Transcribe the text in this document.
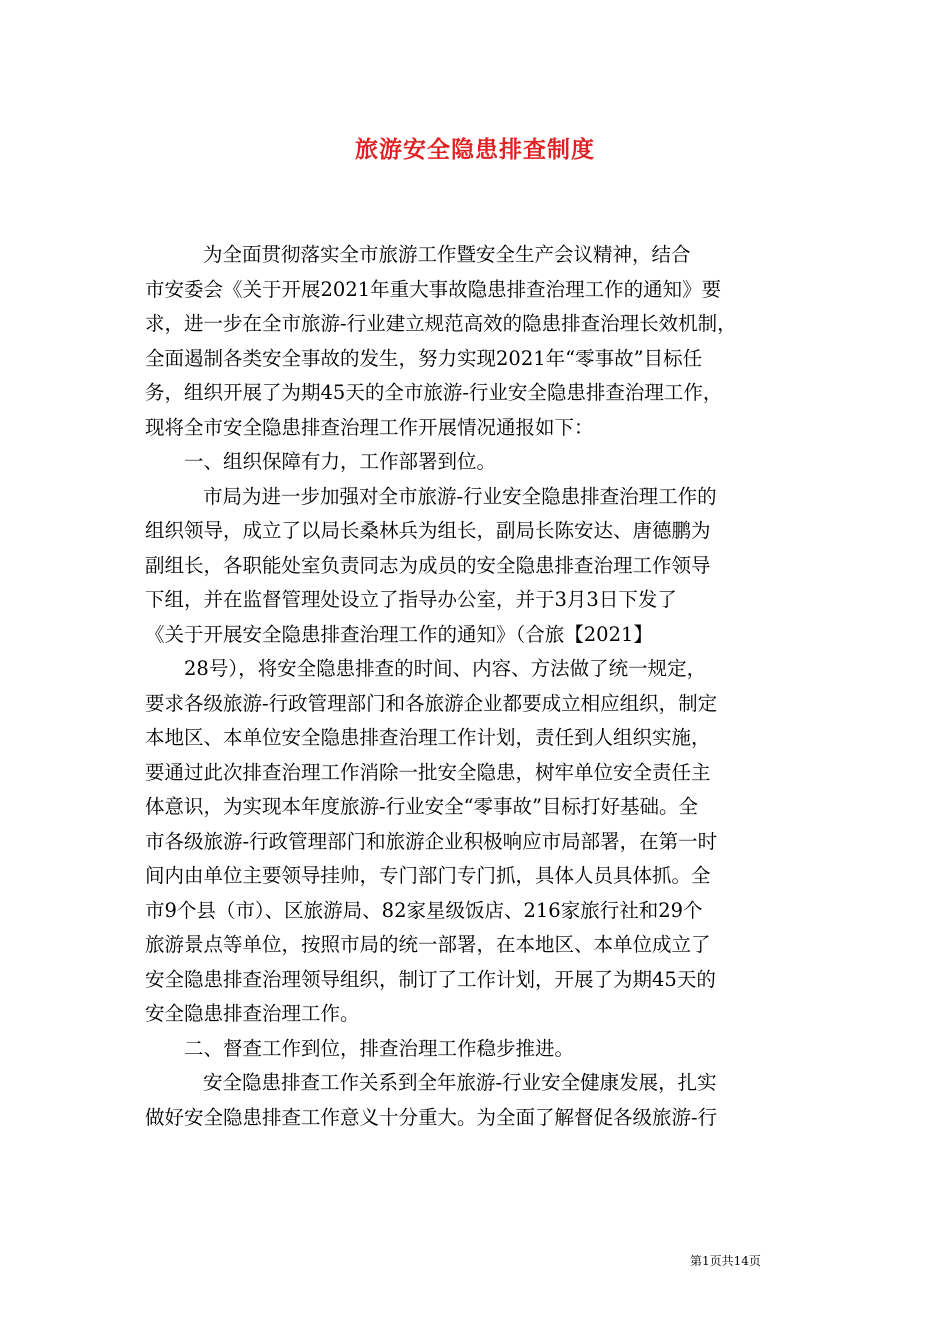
旅游安全隐患排查制度

为全面贯彻落实全市旅游工作暨安全生产会议精神，结合

市安委会《关于开展2021年重大事故隐患排查治理工作的通知》要

求，进一步在全市旅游-行业建立规范高效的隐患排查治理长效机制，

全面遏制各类安全事故的发生，努力实现2021年“零事故”目标任

务，组织开展了为期45天的全市旅游-行业安全隐患排查治理工作，

现将全市安全隐患排查治理工作开展情况通报如下：

一、组织保障有力，工作部署到位。

市局为进一步加强对全市旅游-行业安全隐患排查治理工作的

组织领导，成立了以局长桑林兵为组长，副局长陈安达、唐德鹏为

副组长，各职能处室负责同志为成员的安全隐患排查治理工作领导

下组，并在监督管理处设立了指导办公室，并于3月3日下发了

《关于开展安全隐患排查治理工作的通知》（合旅【2021】

28号），将安全隐患排查的时间、内容、方法做了统一规定，

要求各级旅游-行政管理部门和各旅游企业都要成立相应组织，制定

本地区、本单位安全隐患排查治理工作计划，责任到人组织实施，

要通过此次排查治理工作消除一批安全隐患，树牢单位安全责任主

体意识，为实现本年度旅游-行业安全“零事故”目标打好基础。全

市各级旅游-行政管理部门和旅游企业积极响应市局部署，在第一时

间内由单位主要领导挂帅，专门部门专门抓，具体人员具体抓。全

市9个县（市）、区旅游局、82家星级饭店、216家旅行社和29个

旅游景点等单位，按照市局的统一部署，在本地区、本单位成立了

安全隐患排查治理领导组织，制订了工作计划，开展了为期45天的

安全隐患排查治理工作。

二、督查工作到位，排查治理工作稳步推进。

安全隐患排查工作关系到全年旅游-行业安全健康发展，扎实

做好安全隐患排查工作意义十分重大。为全面了解督促各级旅游-行

第1页共14页
